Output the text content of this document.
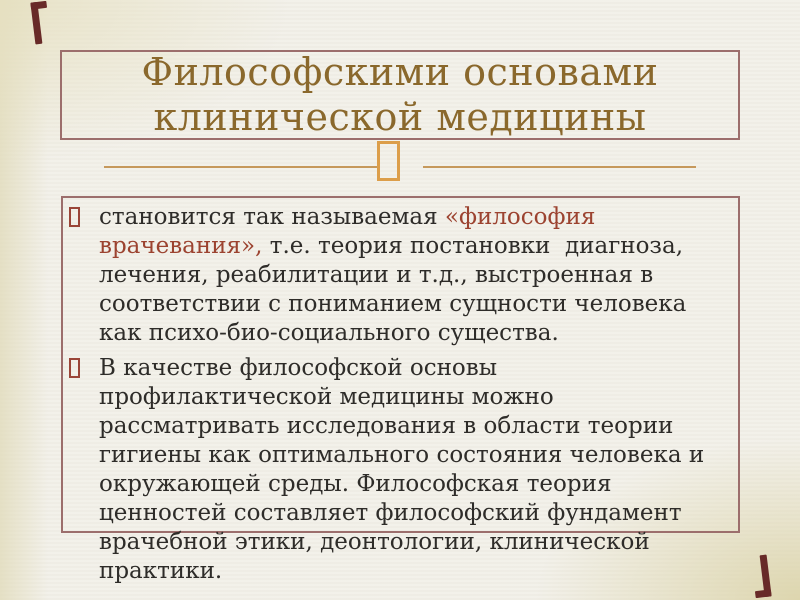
Философскими основами
клинической медицины
становится так называемая «философия
врачевания», т.е. теория постановки  диагноза,
лечения, реабилитации и т.д., выстроенная в
соответствии с пониманием сущности человека
как психо-био-социального существа.
В качестве философской основы
профилактической медицины можно
рассматривать исследования в области теории
гигиены как оптимального состояния человека и
окружающей среды. Философская теория
ценностей составляет философский фундамент
врачебной этики, деонтологии, клинической
практики.
